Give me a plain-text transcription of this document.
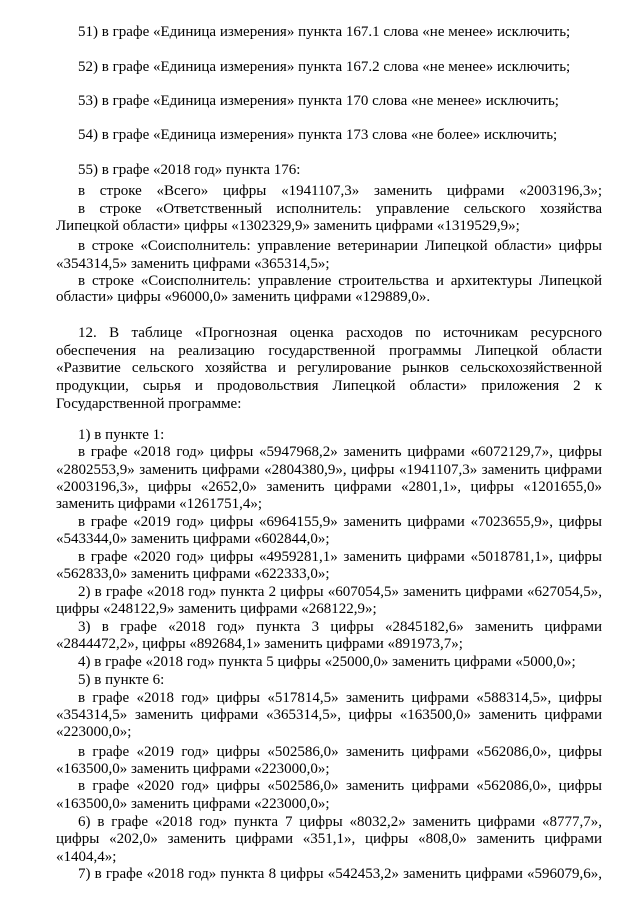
51) в графе «Единица измерения» пункта 167.1 слова «не менее» исключить;
52) в графе «Единица измерения» пункта 167.2 слова «не менее» исключить;
53) в графе «Единица измерения» пункта 170 слова «не менее» исключить;
54) в графе «Единица измерения» пункта 173 слова «не более» исключить;
55) в графе «2018 год» пункта 176:
в строке «Всего» цифры «1941107,3» заменить цифрами «2003196,3»;
в строке «Ответственный исполнитель: управление сельского хозяйства
Липецкой области» цифры «1302329,9» заменить цифрами «1319529,9»;
в строке «Соисполнитель: управление ветеринарии Липецкой области» цифры
«354314,5» заменить цифрами «365314,5»;
в строке «Соисполнитель: управление строительства и архитектуры Липецкой
области» цифры «96000,0» заменить цифрами «129889,0».
12. В таблице «Прогнозная оценка расходов по источникам ресурсного
обеспечения на реализацию государственной программы Липецкой области
«Развитие сельского хозяйства и регулирование рынков сельскохозяйственной
продукции, сырья и продовольствия Липецкой области» приложения 2 к
Государственной программе:
1) в пункте 1:
в графе «2018 год» цифры «5947968,2» заменить цифрами «6072129,7», цифры
«2802553,9» заменить цифрами «2804380,9», цифры «1941107,3» заменить цифрами
«2003196,3», цифры «2652,0» заменить цифрами «2801,1», цифры «1201655,0»
заменить цифрами «1261751,4»;
в графе «2019 год» цифры «6964155,9» заменить цифрами «7023655,9», цифры
«543344,0» заменить цифрами «602844,0»;
в графе «2020 год» цифры «4959281,1» заменить цифрами «5018781,1», цифры
«562833,0» заменить цифрами «622333,0»;
2) в графе «2018 год» пункта 2 цифры «607054,5» заменить цифрами «627054,5»,
цифры «248122,9» заменить цифрами «268122,9»;
3) в графе «2018 год» пункта 3 цифры «2845182,6» заменить цифрами
«2844472,2», цифры «892684,1» заменить цифрами «891973,7»;
4) в графе «2018 год» пункта 5 цифры «25000,0» заменить цифрами «5000,0»;
5) в пункте 6:
в графе «2018 год» цифры «517814,5» заменить цифрами «588314,5», цифры
«354314,5» заменить цифрами «365314,5», цифры «163500,0» заменить цифрами
«223000,0»;
в графе «2019 год» цифры «502586,0» заменить цифрами «562086,0», цифры
«163500,0» заменить цифрами «223000,0»;
в графе «2020 год» цифры «502586,0» заменить цифрами «562086,0», цифры
«163500,0» заменить цифрами «223000,0»;
6) в графе «2018 год» пункта 7 цифры «8032,2» заменить цифрами «8777,7»,
цифры «202,0» заменить цифрами «351,1», цифры «808,0» заменить цифрами
«1404,4»;
7) в графе «2018 год» пункта 8 цифры «542453,2» заменить цифрами «596079,6»,
